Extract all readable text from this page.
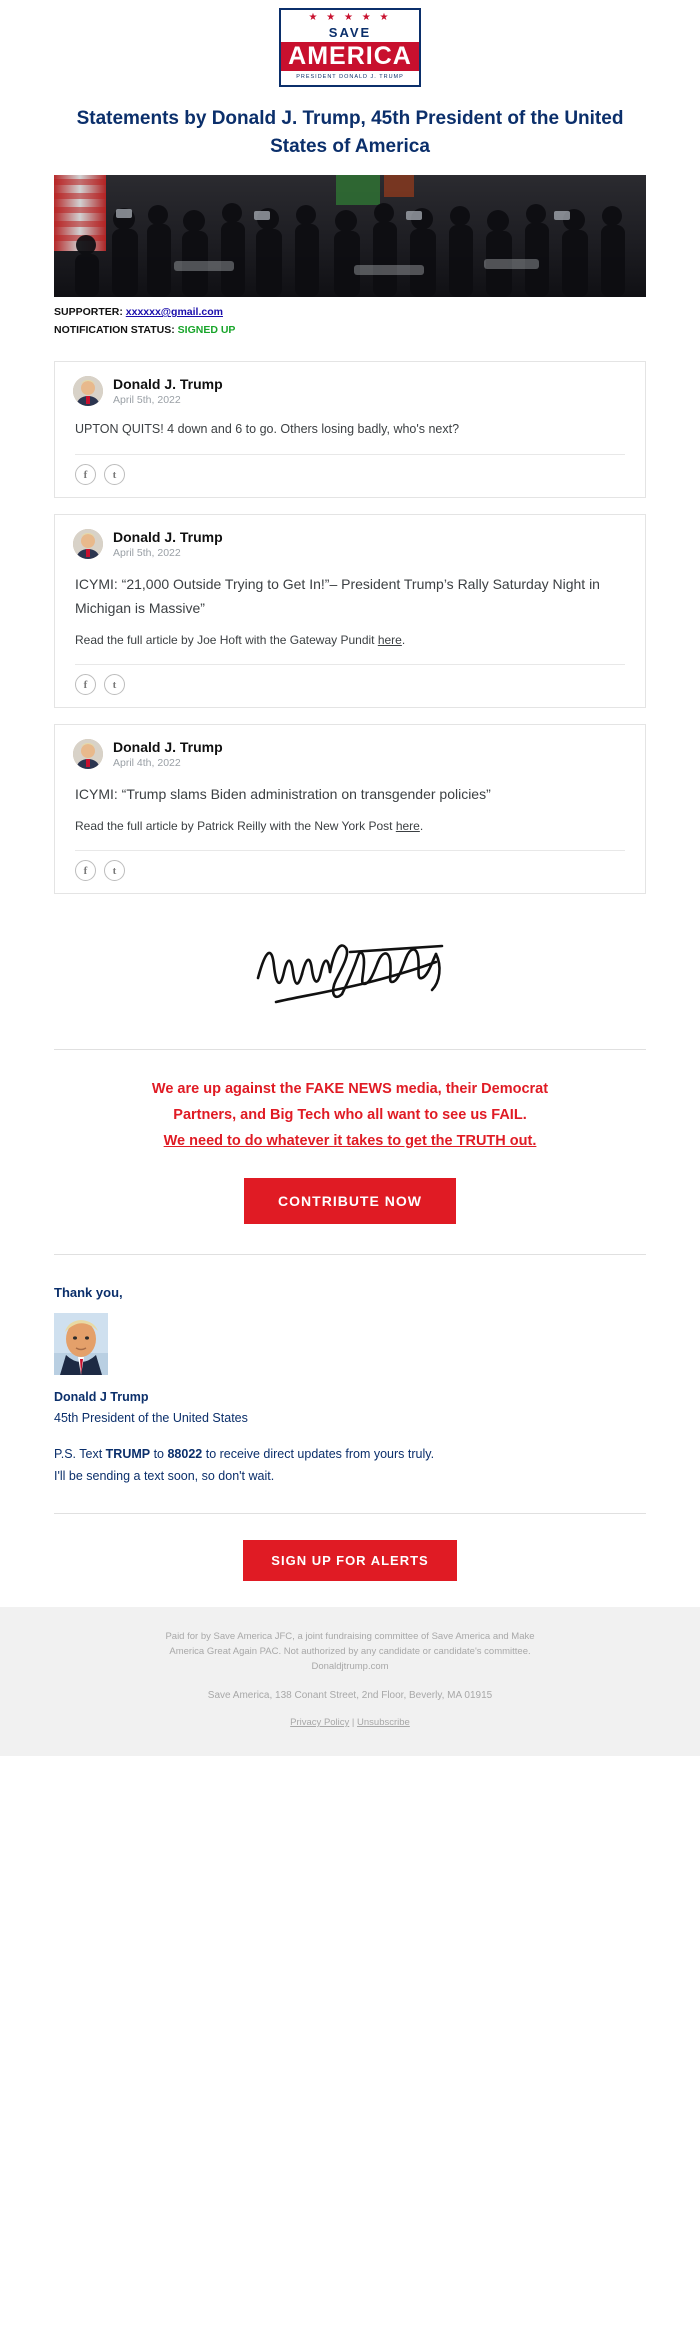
★ ★ ★ ★ ★
SAVE
AMERICA
PRESIDENT DONALD J. TRUMP
Statements by Donald J. Trump, 45th President of the United States of America
SUPPORTER: xxxxxx@gmail.com
NOTIFICATION STATUS: SIGNED UP
Donald J. Trump
April 5th, 2022
UPTON QUITS! 4 down and 6 to go. Others losing badly, who's next?
f	t
Donald J. Trump
April 5th, 2022
ICYMI: “21,000 Outside Trying to Get In!”– President Trump’s Rally Saturday Night in Michigan is Massive”
Read the full article by Joe Hoft with the Gateway Pundit here.
f	t
Donald J. Trump
April 4th, 2022
ICYMI: “Trump slams Biden administration on transgender policies”
Read the full article by Patrick Reilly with the New York Post here.
f	t
We are up against the FAKE NEWS media, their Democrat
Partners, and Big Tech who all want to see us FAIL.
We need to do whatever it takes to get the TRUTH out.
CONTRIBUTE NOW
Thank you,
Donald J Trump
45th President of the United States
P.S. Text TRUMP to 88022 to receive direct updates from yours truly.
I'll be sending a text soon, so don't wait.
SIGN UP FOR ALERTS
Paid for by Save America JFC, a joint fundraising committee of Save America and Make
America Great Again PAC. Not authorized by any candidate or candidate's committee.
Donaldjtrump.com
Save America, 138 Conant Street, 2nd Floor, Beverly, MA 01915
Privacy Policy | Unsubscribe
